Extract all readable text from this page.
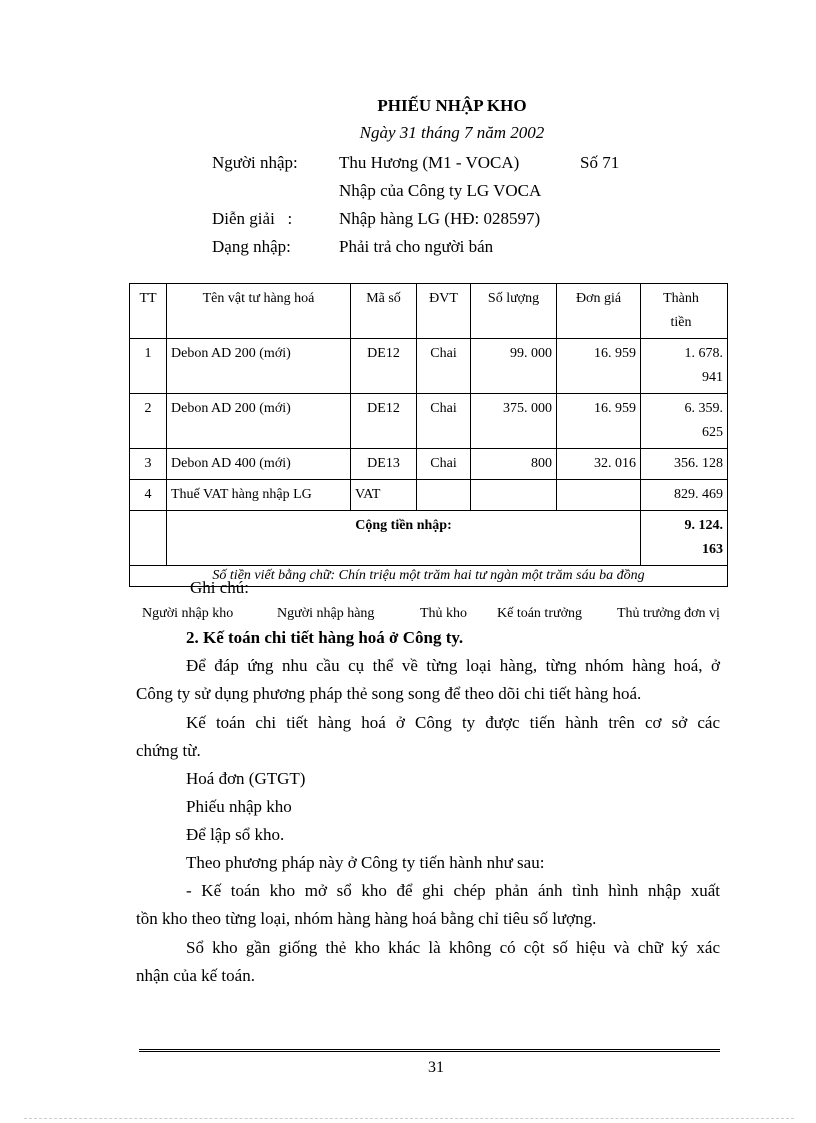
PHIẾU NHẬP KHO
Ngày 31 tháng 7 năm 2002
Người nhập: Thu Hương (M1 - VOCA)	Số 71
Nhập của Công ty LG VOCA
Diễn giải   :	Nhập hàng LG (HĐ: 028597)
Dạng nhập:	Phải trả cho người bán
TT	Tên vật tư hàng hoá	Mã số	ĐVT	Số lượng	Đơn giá	Thành tiền
1	Debon AD 200 (mới)	DE12	Chai	99. 000	16. 959	1. 678. 941
2	Debon AD 200 (mới)	DE12	Chai	375. 000	16. 959	6. 359. 625
3	Debon AD 400 (mới)	DE13	Chai	800	32. 016	356. 128
4	Thuế VAT hàng nhập LG	VAT				829. 469
	Cộng tiền nhập:					9. 124. 163
Số tiền viết bằng chữ: Chín triệu một trăm hai tư ngàn một trăm sáu ba đồng						
Ghi chú:
Người nhập kho	Người nhập hàng	Thủ kho Kế toán trưởng	Thủ trưởng đơn vị
2. Kế toán chi tiết hàng hoá ở Công ty.
Để đáp ứng nhu cầu cụ thể về từng loại hàng, từng nhóm hàng hoá, ở
Công ty sử dụng phương pháp thẻ song song để theo dõi chi tiết hàng hoá.
Kế toán chi tiết hàng hoá ở Công ty được tiến hành trên cơ sở các
chứng từ.
Hoá đơn (GTGT)
Phiếu nhập kho
Để lập sổ kho.
Theo phương pháp này ở Công ty tiến hành như sau:
- Kế toán kho mở sổ kho để ghi chép phản ánh tình hình nhập xuất
tồn kho theo từng loại, nhóm hàng hàng hoá bằng chỉ tiêu số lượng.
Sổ kho gần giống thẻ kho khác là không có cột số hiệu và chữ ký xác
nhận của kế toán.
31
